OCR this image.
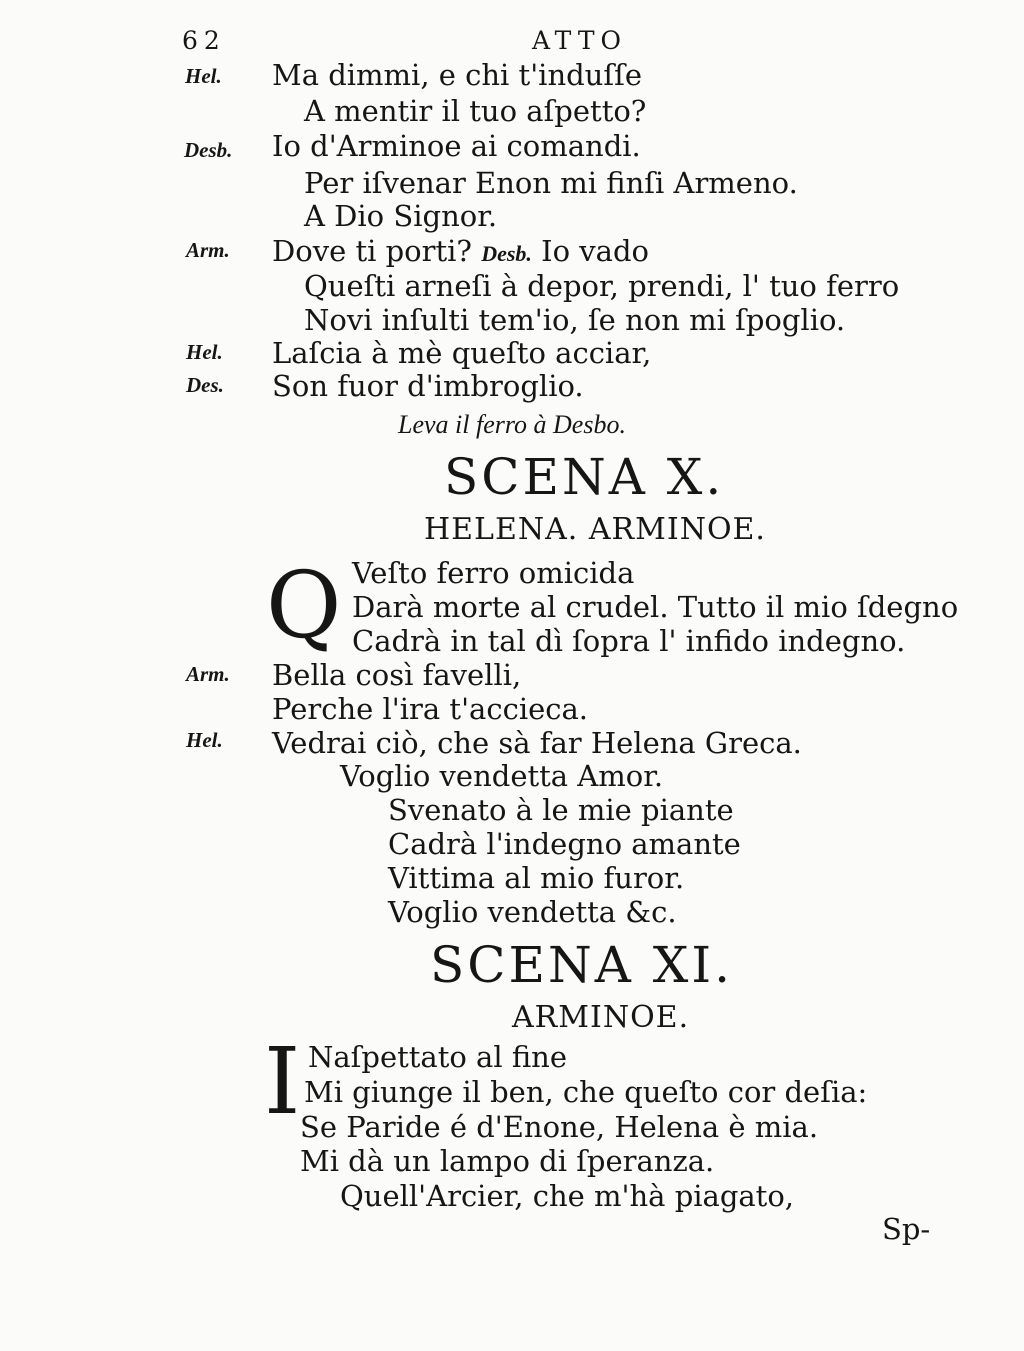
62	ATTO
Hel.
Desb.
Arm.
Hel.
Des.
Ma dimmi, e chi t'induſſe
A mentir il tuo aſpetto?
Io d'Arminoe ai comandi.
Per iſvenar Enon mi finſi Armeno.
A Dio Signor.
Dove ti porti? Desb. Io vado
Queſti arneſi à depor, prendi, l' tuo ferro
Novi inſulti tem'io, ſe non mi ſpoglio.
Laſcia à mè queſto acciar,
Son fuor d'imbroglio.
Leva il ferro à Desbo.
SCENA X.
HELENA. ARMINOE.
Q Veſto ferro omicida
Darà morte al crudel. Tutto il mio ſdegno
Cadrà in tal dì ſopra l' infido indegno.
Arm.
Hel.
Bella così favelli,
Perche l'ira t'accieca.
Vedrai ciò, che sà far Helena Greca.
Voglio vendetta Amor.
Svenato à le mie piante
Cadrà l'indegno amante
Vittima al mio furor.
Voglio vendetta &c.
SCENA XI.
ARMINOE.
I Naſpettato al fine
Mi giunge il ben, che queſto cor deſia:
Se Paride é d'Enone, Helena è mia.
Mi dà un lampo di ſperanza.
Quell'Arcier, che m'hà piagato,
Sp-
